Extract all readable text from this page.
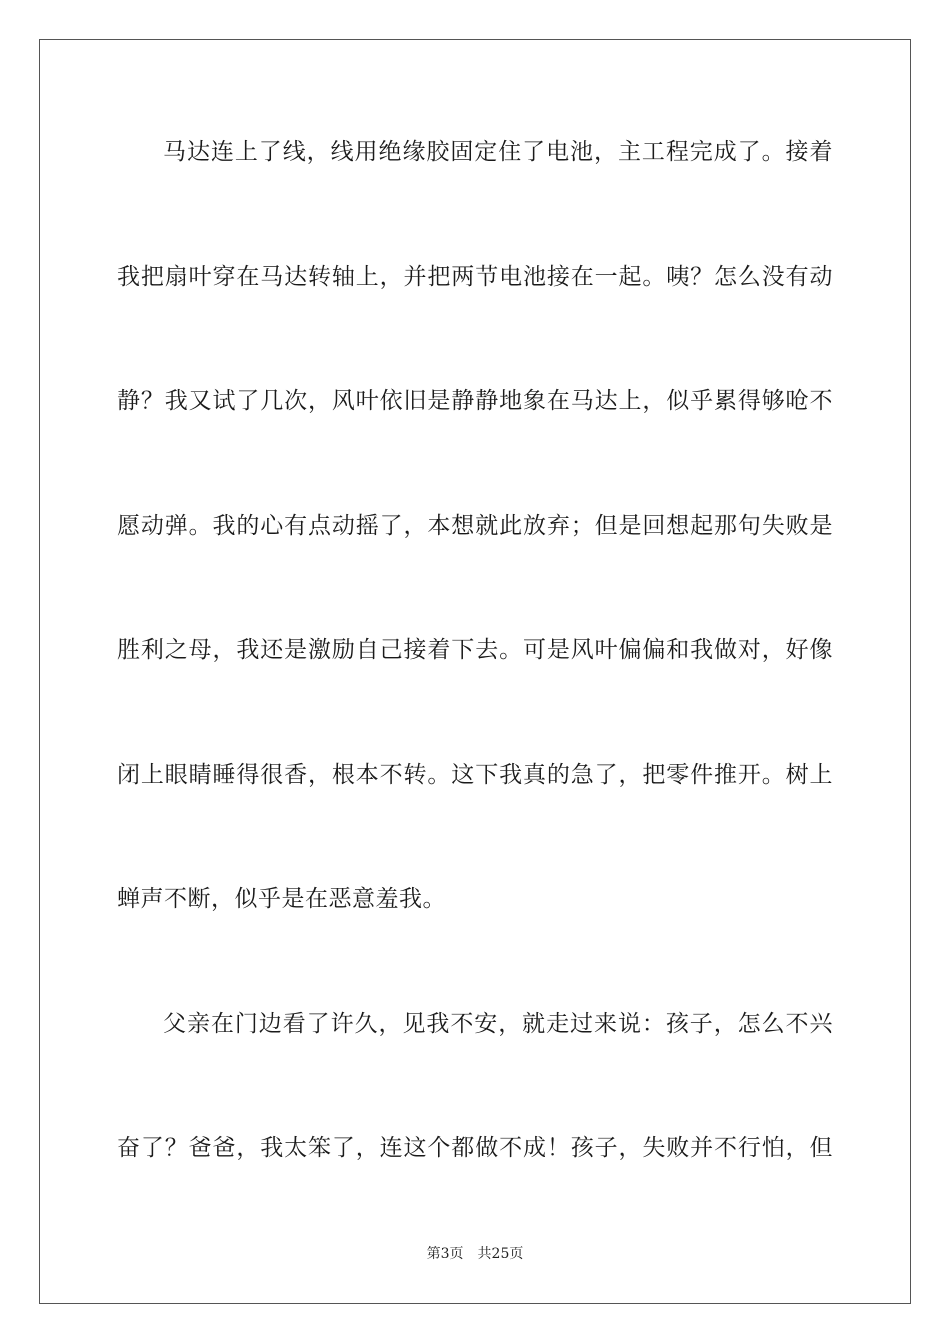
马达连上了线，线用绝缘胶固定住了电池，主工程完成了。接着
我把扇叶穿在马达转轴上，并把两节电池接在一起。咦？怎么没有动
静？我又试了几次，风叶依旧是静静地象在马达上，似乎累得够呛不
愿动弹。我的心有点动摇了，本想就此放弃；但是回想起那句失败是
胜利之母，我还是激励自己接着下去。可是风叶偏偏和我做对，好像
闭上眼睛睡得很香，根本不转。这下我真的急了，把零件推开。树上
蝉声不断，似乎是在恶意羞我。
父亲在门边看了许久，见我不安，就走过来说：孩子，怎么不兴
奋了？爸爸，我太笨了，连这个都做不成！孩子，失败并不行怕，但
第3页 共25页
